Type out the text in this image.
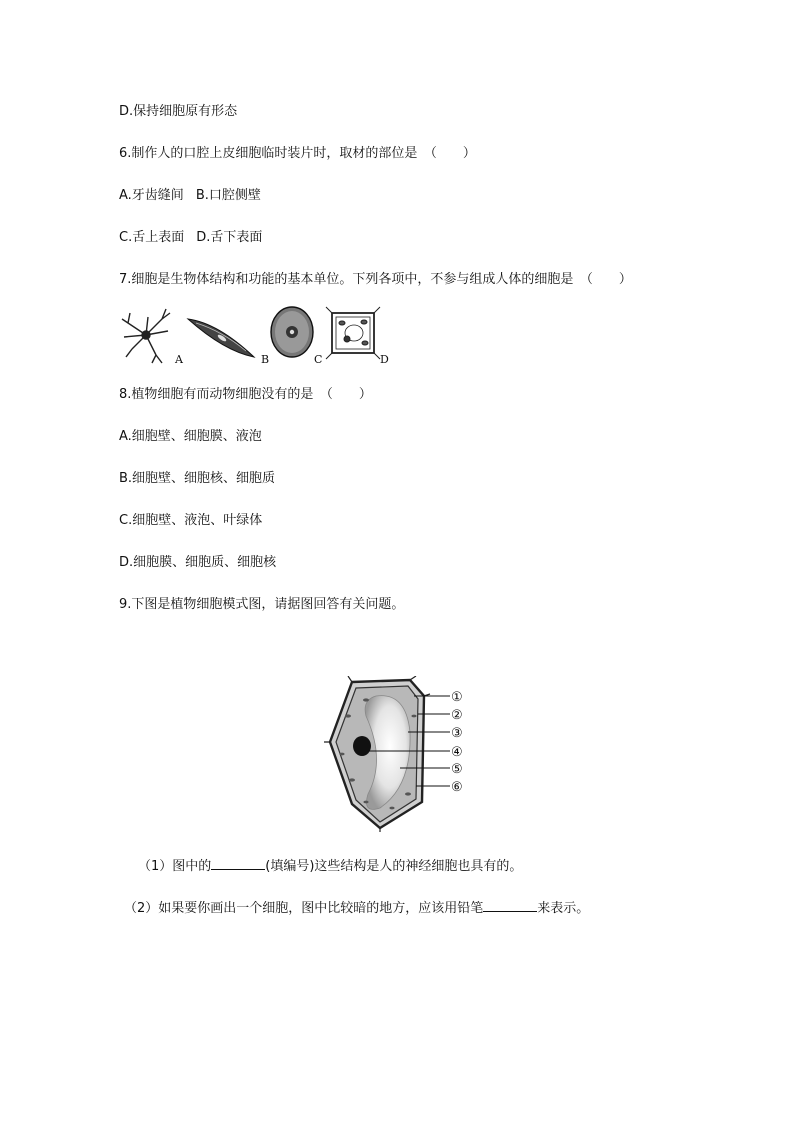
D.保持细胞原有形态
6.制作人的口腔上皮细胞临时装片时，取材的部位是　（　　）
A.牙齿缝间 B.口腔侧壁
C.舌上表面 D.舌下表面
7.细胞是生物体结构和功能的基本单位。下列各项中，不参与组成人体的细胞是　（　　）
A	B	C	D
8.植物细胞有而动物细胞没有的是　（　　）
A.细胞壁、细胞膜、液泡
B.细胞壁、细胞核、细胞质
C.细胞壁、液泡、叶绿体
D.细胞膜、细胞质、细胞核
9.下图是植物细胞模式图，请据图回答有关问题。
①
②
③
④
⑤
⑥
（1）图中的	(填编号)这些结构是人的神经细胞也具有的。
（2）如果要你画出一个细胞，图中比较暗的地方，应该用铅笔	来表示。
